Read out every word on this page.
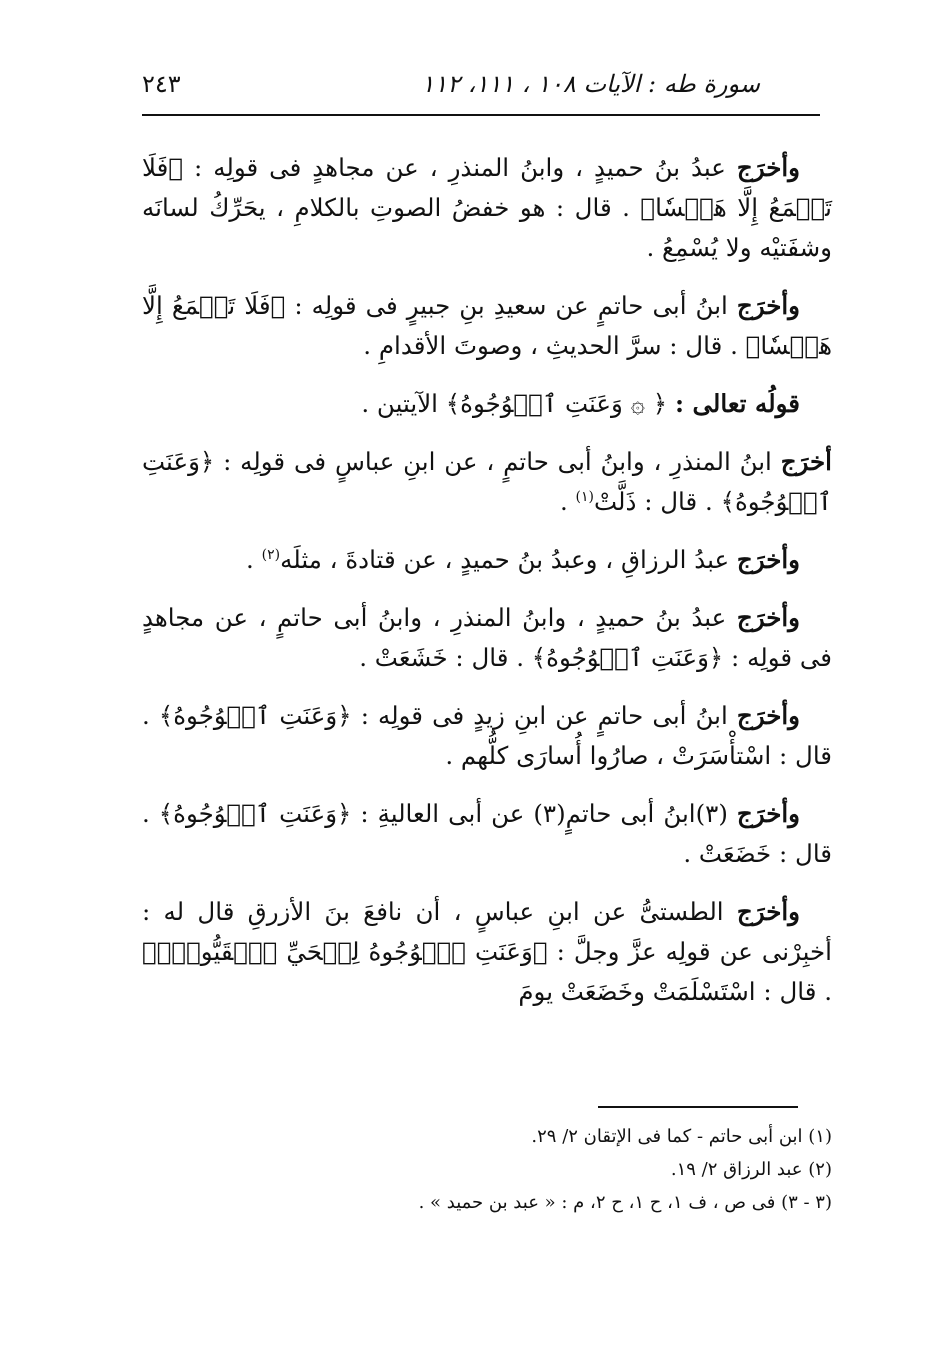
سورة طه : الآيات ١٠٨ ، ١١١، ١١٢
٢٤٣

وأخرَج عبدُ بنُ حميدٍ ، وابنُ المنذرِ ، عن مجاهدٍ فى قولِه : ﴿فَلَا تَسۡمَعُ إِلَّا هَمۡسٗا﴾ . قال : هو خفضُ الصوتِ بالكلامِ ، يحَرِّكُ لسانَه وشفَتيْه ولا يُسْمِعُ .

وأخرَج ابنُ أبى حاتمٍ عن سعيدِ بنِ جبيرٍ فى قولِه : ﴿فَلَا تَسۡمَعُ إِلَّا هَمۡسٗا﴾ . قال : سرَّ الحديثِ ، وصوتَ الأقدامِ .

قولُه تعالى : ﴿ ۞ وَعَنَتِ ٱلۡوُجُوهُ﴾ الآيتين .

أخرَج ابنُ المنذرِ ، وابنُ أبى حاتمٍ ، عن ابنِ عباسٍ فى قولِه : ﴿وَعَنَتِ ٱلۡوُجُوهُ﴾ . قال : ذَلَّتْ$^{(١)}$ .

وأخرَج عبدُ الرزاقِ ، وعبدُ بنُ حميدٍ ، عن قتادةَ ، مثلَه$^{(٢)}$ .

وأخرَج عبدُ بنُ حميدٍ ، وابنُ المنذرِ ، وابنُ أبى حاتمٍ ، عن مجاهدٍ فى قولِه : ﴿وَعَنَتِ ٱلۡوُجُوهُ﴾ . قال : خَشَعَتْ .

وأخرَج ابنُ أبى حاتمٍ عن ابنِ زيدٍ فى قولِه : ﴿وَعَنَتِ ٱلۡوُجُوهُ﴾ . قال : اسْتأْسَرَتْ ، صارُوا أُسارَى كلُّهم .

وأخرَج (٣)ابنُ أبى حاتمٍ(٣) عن أبى العاليةِ : ﴿وَعَنَتِ ٱلۡوُجُوهُ﴾ . قال : خَضَعَتْ .

وأخرَج الطستىُّ عن ابنِ عباسٍ ، أن نافعَ بنَ الأزرقِ قال له : أخبِرْنى عن قولِه عزَّ وجلَّ : ﴿وَعَنَتِ ٱلۡوُجُوهُ لِلۡحَيِّ ٱلۡقَيُّومِۖ﴾ . قال : اسْتَسْلَمَتْ وخَضَعَتْ يومَ

(١) ابن أبى حاتم - كما فى الإتقان ٢/ ٢٩.
(٢) عبد الرزاق ٢/ ١٩.
(٣ - ٣) فى ص ، ف ١، ح ١، ح ٢، م : « عبد بن حميد » .
